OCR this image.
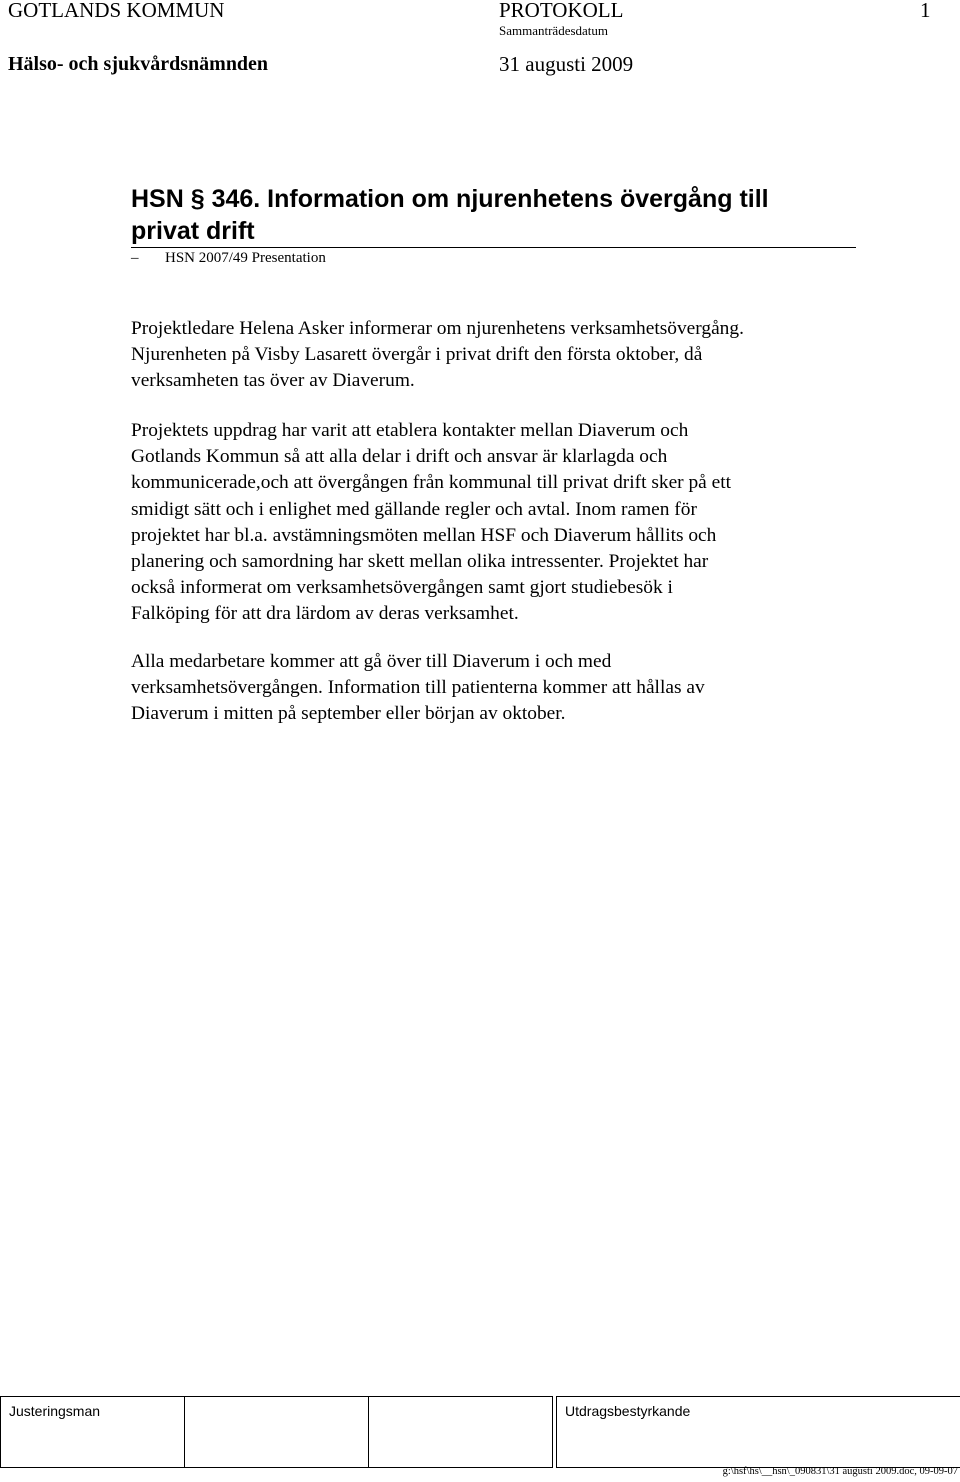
GOTLANDS KOMMUN	PROTOKOLL	1
Sammanträdesdatum
Hälso- och sjukvårdsnämnden	31 augusti 2009
HSN § 346. Information om njurenhetens övergång till
privat drift
– HSN 2007/49 Presentation

Projektledare Helena Asker informerar om njurenhetens verksamhetsövergång.
Njurenheten på Visby Lasarett övergår i privat drift den första oktober, då
verksamheten tas över av Diaverum.

Projektets uppdrag har varit att etablera kontakter mellan Diaverum och
Gotlands Kommun så att alla delar i drift och ansvar är klarlagda och
kommunicerade,och att övergången från kommunal till privat drift sker på ett
smidigt sätt och i enlighet med gällande regler och avtal. Inom ramen för
projektet har bl.a. avstämningsmöten mellan HSF och Diaverum hållits och
planering och samordning har skett mellan olika intressenter. Projektet har
också informerat om verksamhetsövergången samt gjort studiebesök i
Falköping för att dra lärdom av deras verksamhet.

Alla medarbetare kommer att gå över till Diaverum i och med
verksamhetsövergången. Information till patienterna kommer att hållas av
Diaverum i mitten på september eller början av oktober.

Justeringsman				Utdragsbestyrkande
g:\hsf\hs\__hsn\_090831\31 augusti 2009.doc, 09-09-07
